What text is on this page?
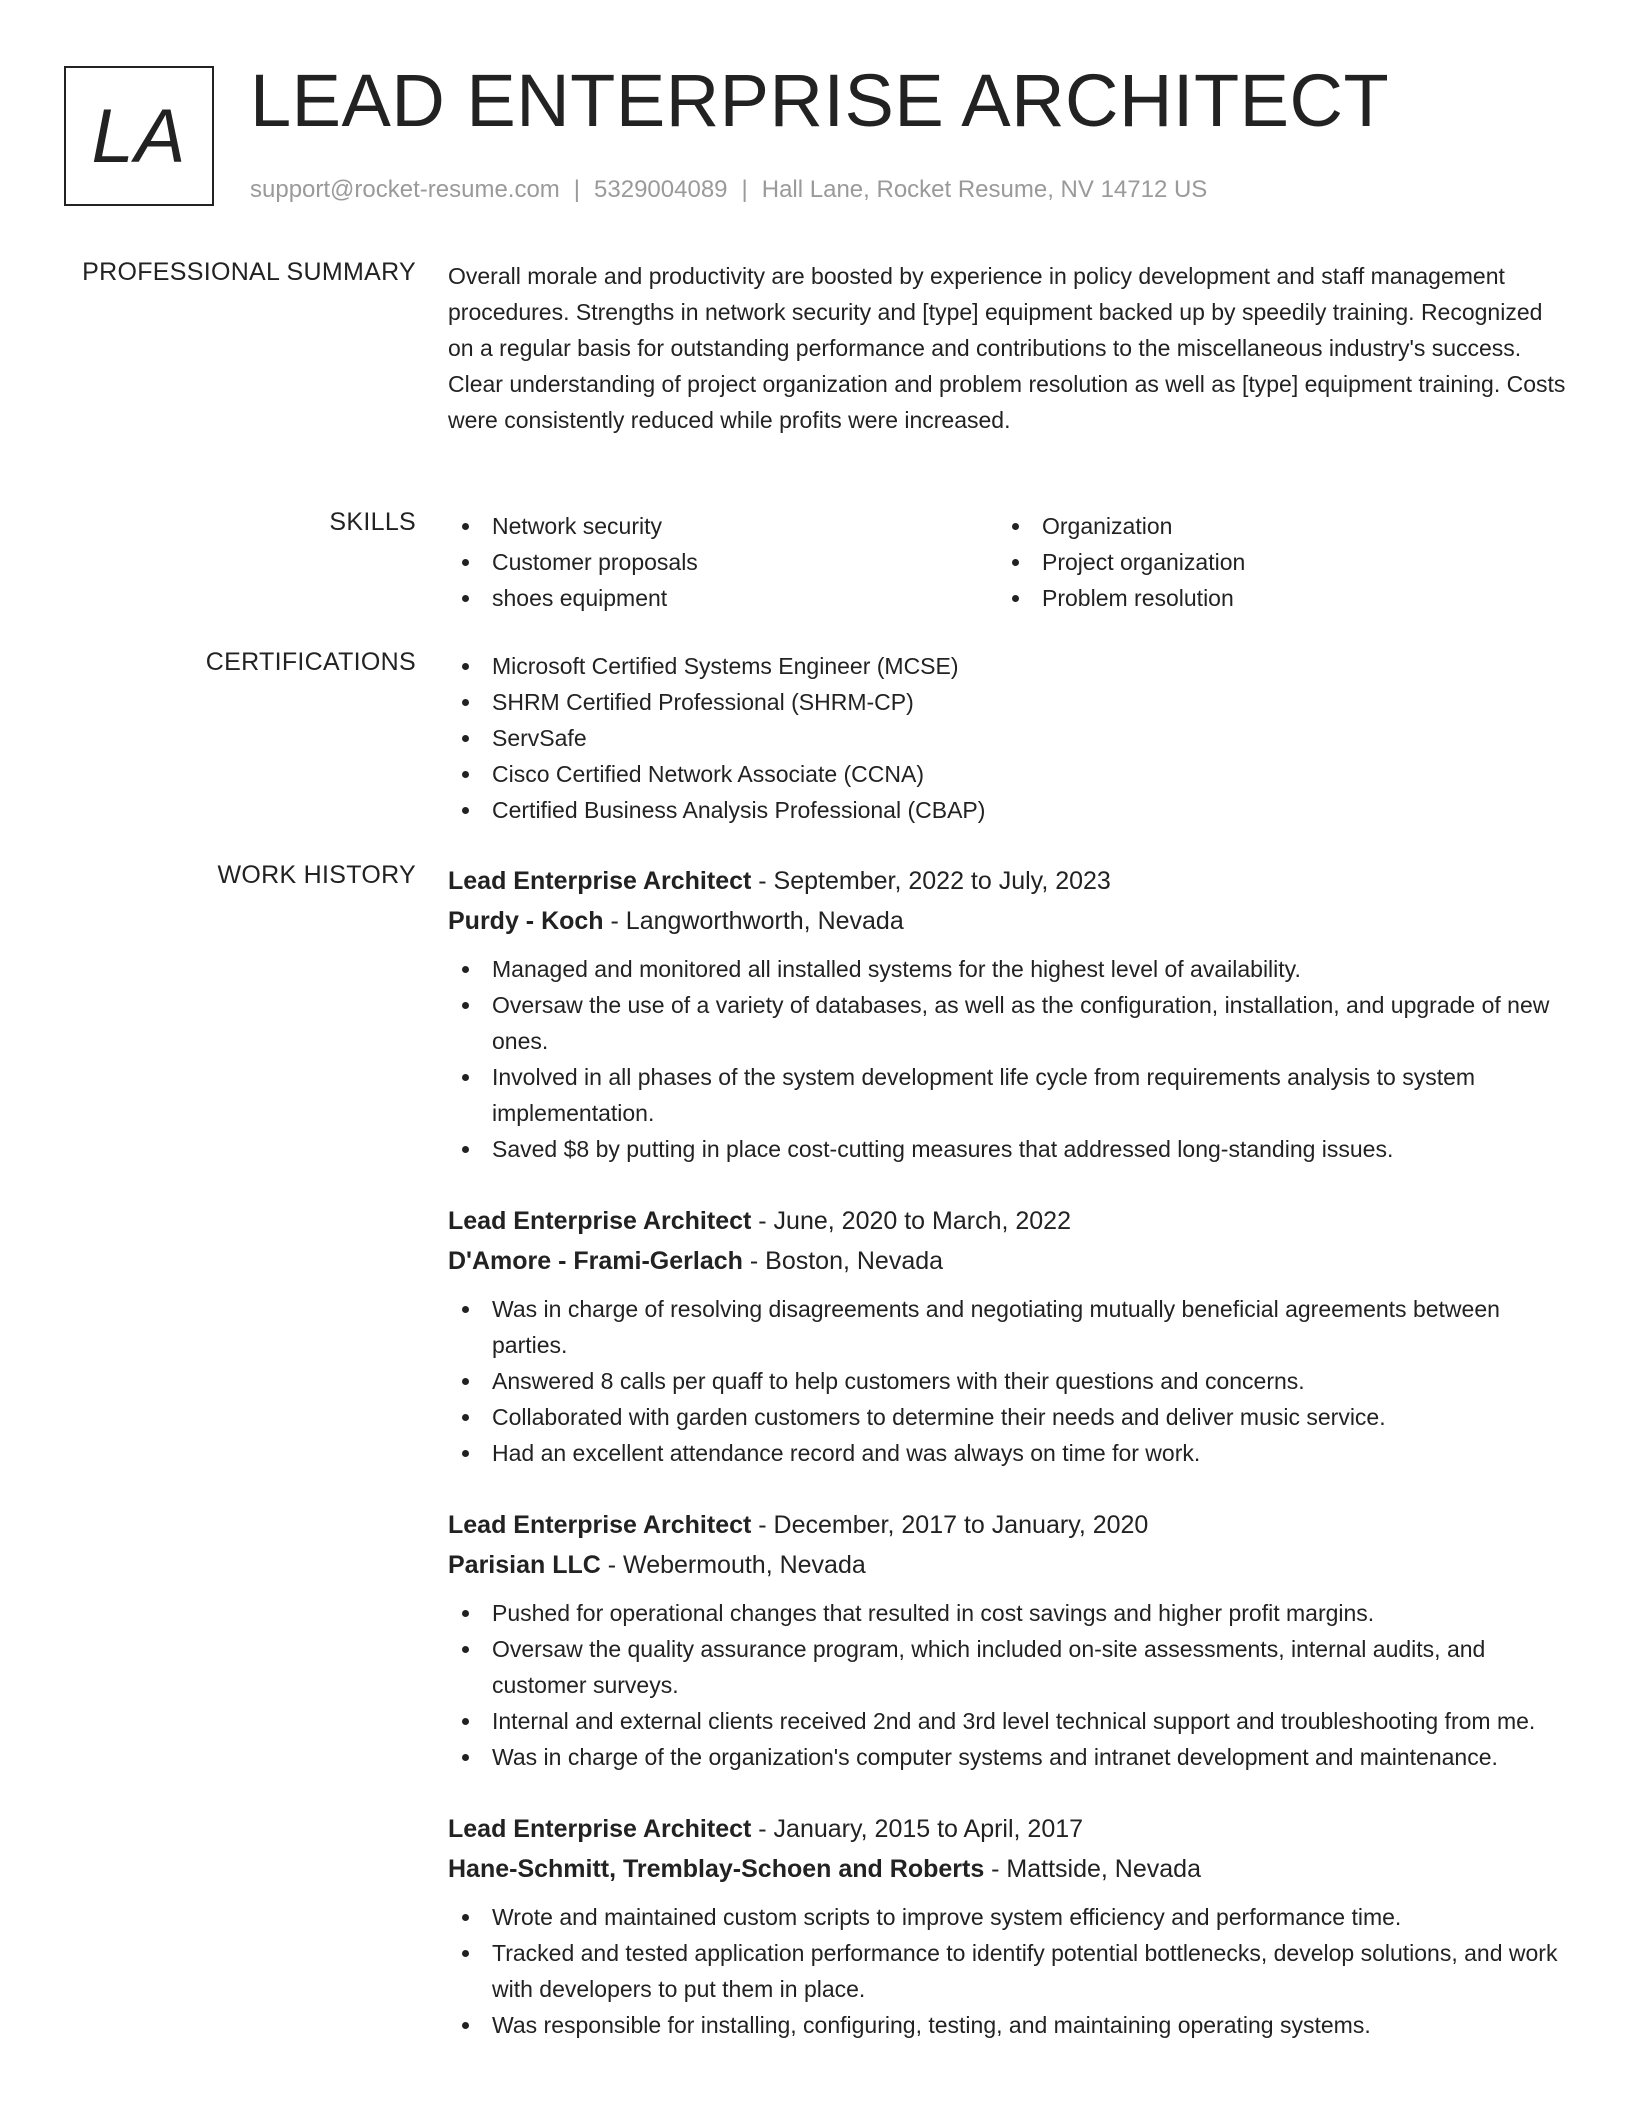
LA LEAD ENTERPRISE ARCHITECT
support@rocket-resume.com | 5329004089 | Hall Lane, Rocket Resume, NV 14712 US
PROFESSIONAL SUMMARY Overall morale and productivity are boosted by experience in policy development and staff management procedures. Strengths in network security and [type] equipment backed up by speedily training. Recognized on a regular basis for outstanding performance and contributions to the miscellaneous industry's success. Clear understanding of project organization and problem resolution as well as [type] equipment training. Costs were consistently reduced while profits were increased.

SKILLS	Network security
Customer proposals
shoes equipment
Organization
Project organization
Problem resolution
CERTIFICATIONS	Microsoft Certified Systems Engineer (MCSE)
SHRM Certified Professional (SHRM-CP)
ServSafe
Cisco Certified Network Associate (CCNA)
Certified Business Analysis Professional (CBAP)
WORK HISTORY Lead Enterprise Architect - September, 2022 to July, 2023
Purdy - Koch - Langworthworth, Nevada
Managed and monitored all installed systems for the highest level of availability.
Oversaw the use of a variety of databases, as well as the configuration, installation, and upgrade of new ones.
Involved in all phases of the system development life cycle from requirements analysis to system implementation.
Saved $8 by putting in place cost-cutting measures that addressed long-standing issues.
Lead Enterprise Architect - June, 2020 to March, 2022
D'Amore - Frami-Gerlach - Boston, Nevada
Was in charge of resolving disagreements and negotiating mutually beneficial agreements between parties.
Answered 8 calls per quaff to help customers with their questions and concerns.
Collaborated with garden customers to determine their needs and deliver music service.
Had an excellent attendance record and was always on time for work.
Lead Enterprise Architect - December, 2017 to January, 2020
Parisian LLC - Webermouth, Nevada
Pushed for operational changes that resulted in cost savings and higher profit margins.
Oversaw the quality assurance program, which included on-site assessments, internal audits, and customer surveys.
Internal and external clients received 2nd and 3rd level technical support and troubleshooting from me.
Was in charge of the organization's computer systems and intranet development and maintenance.
Lead Enterprise Architect - January, 2015 to April, 2017
Hane-Schmitt, Tremblay-Schoen and Roberts - Mattside, Nevada
Wrote and maintained custom scripts to improve system efficiency and performance time.
Tracked and tested application performance to identify potential bottlenecks, develop solutions, and work with developers to put them in place.
Was responsible for installing, configuring, testing, and maintaining operating systems.
